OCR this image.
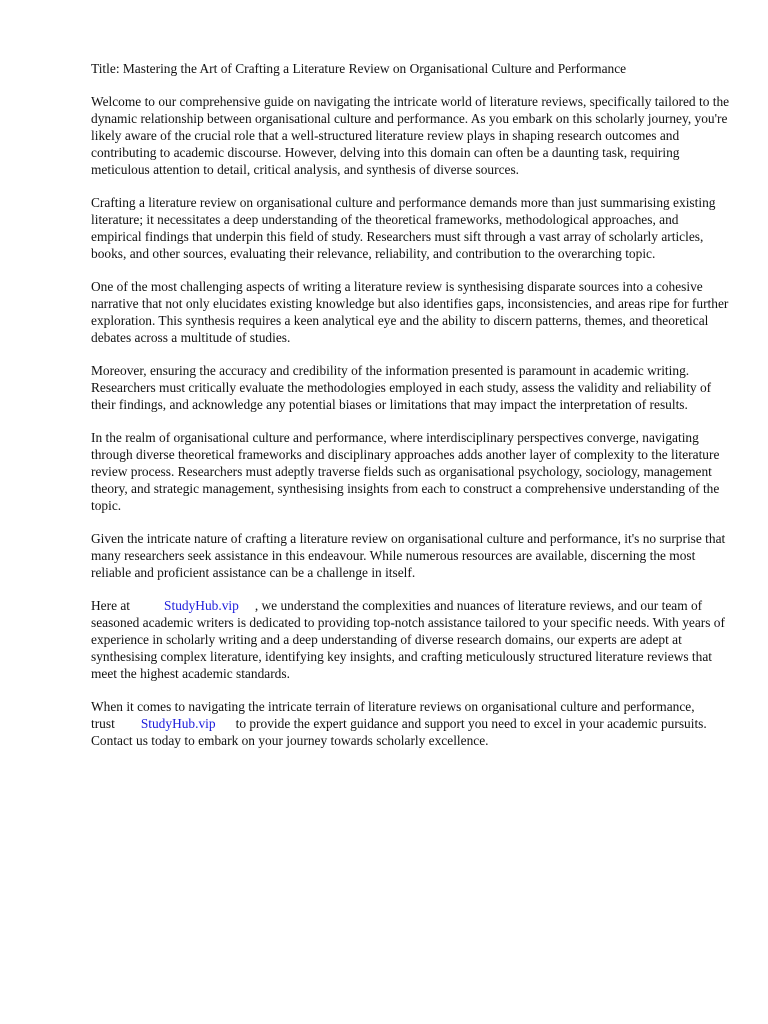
Title: Mastering the Art of Crafting a Literature Review on Organisational Culture and Performance

Welcome to our comprehensive guide on navigating the intricate world of literature reviews, specifically tailored to the dynamic relationship between organisational culture and performance. As you embark on this scholarly journey, you're likely aware of the crucial role that a well-structured literature review plays in shaping research outcomes and contributing to academic discourse. However, delving into this domain can often be a daunting task, requiring meticulous attention to detail, critical analysis, and synthesis of diverse sources.

Crafting a literature review on organisational culture and performance demands more than just summarising existing literature; it necessitates a deep understanding of the theoretical frameworks, methodological approaches, and empirical findings that underpin this field of study. Researchers must sift through a vast array of scholarly articles, books, and other sources, evaluating their relevance, reliability, and contribution to the overarching topic.

One of the most challenging aspects of writing a literature review is synthesising disparate sources into a cohesive narrative that not only elucidates existing knowledge but also identifies gaps, inconsistencies, and areas ripe for further exploration. This synthesis requires a keen analytical eye and the ability to discern patterns, themes, and theoretical debates across a multitude of studies.

Moreover, ensuring the accuracy and credibility of the information presented is paramount in academic writing. Researchers must critically evaluate the methodologies employed in each study, assess the validity and reliability of their findings, and acknowledge any potential biases or limitations that may impact the interpretation of results.

In the realm of organisational culture and performance, where interdisciplinary perspectives converge, navigating through diverse theoretical frameworks and disciplinary approaches adds another layer of complexity to the literature review process. Researchers must adeptly traverse fields such as organisational psychology, sociology, management theory, and strategic management, synthesising insights from each to construct a comprehensive understanding of the topic.

Given the intricate nature of crafting a literature review on organisational culture and performance, it's no surprise that many researchers seek assistance in this endeavour. While numerous resources are available, discerning the most reliable and proficient assistance can be a challenge in itself.

Here at	StudyHub.vip , we understand the complexities and nuances of literature reviews, and our team of seasoned academic writers is dedicated to providing top-notch assistance tailored to your specific needs. With years of experience in scholarly writing and a deep understanding of diverse research domains, our experts are adept at synthesising complex literature, identifying key insights, and crafting meticulously structured literature reviews that meet the highest academic standards.

When it comes to navigating the intricate terrain of literature reviews on organisational culture and performance, trust StudyHub.vip to provide the expert guidance and support you need to excel in your academic pursuits. Contact us today to embark on your journey towards scholarly excellence.
